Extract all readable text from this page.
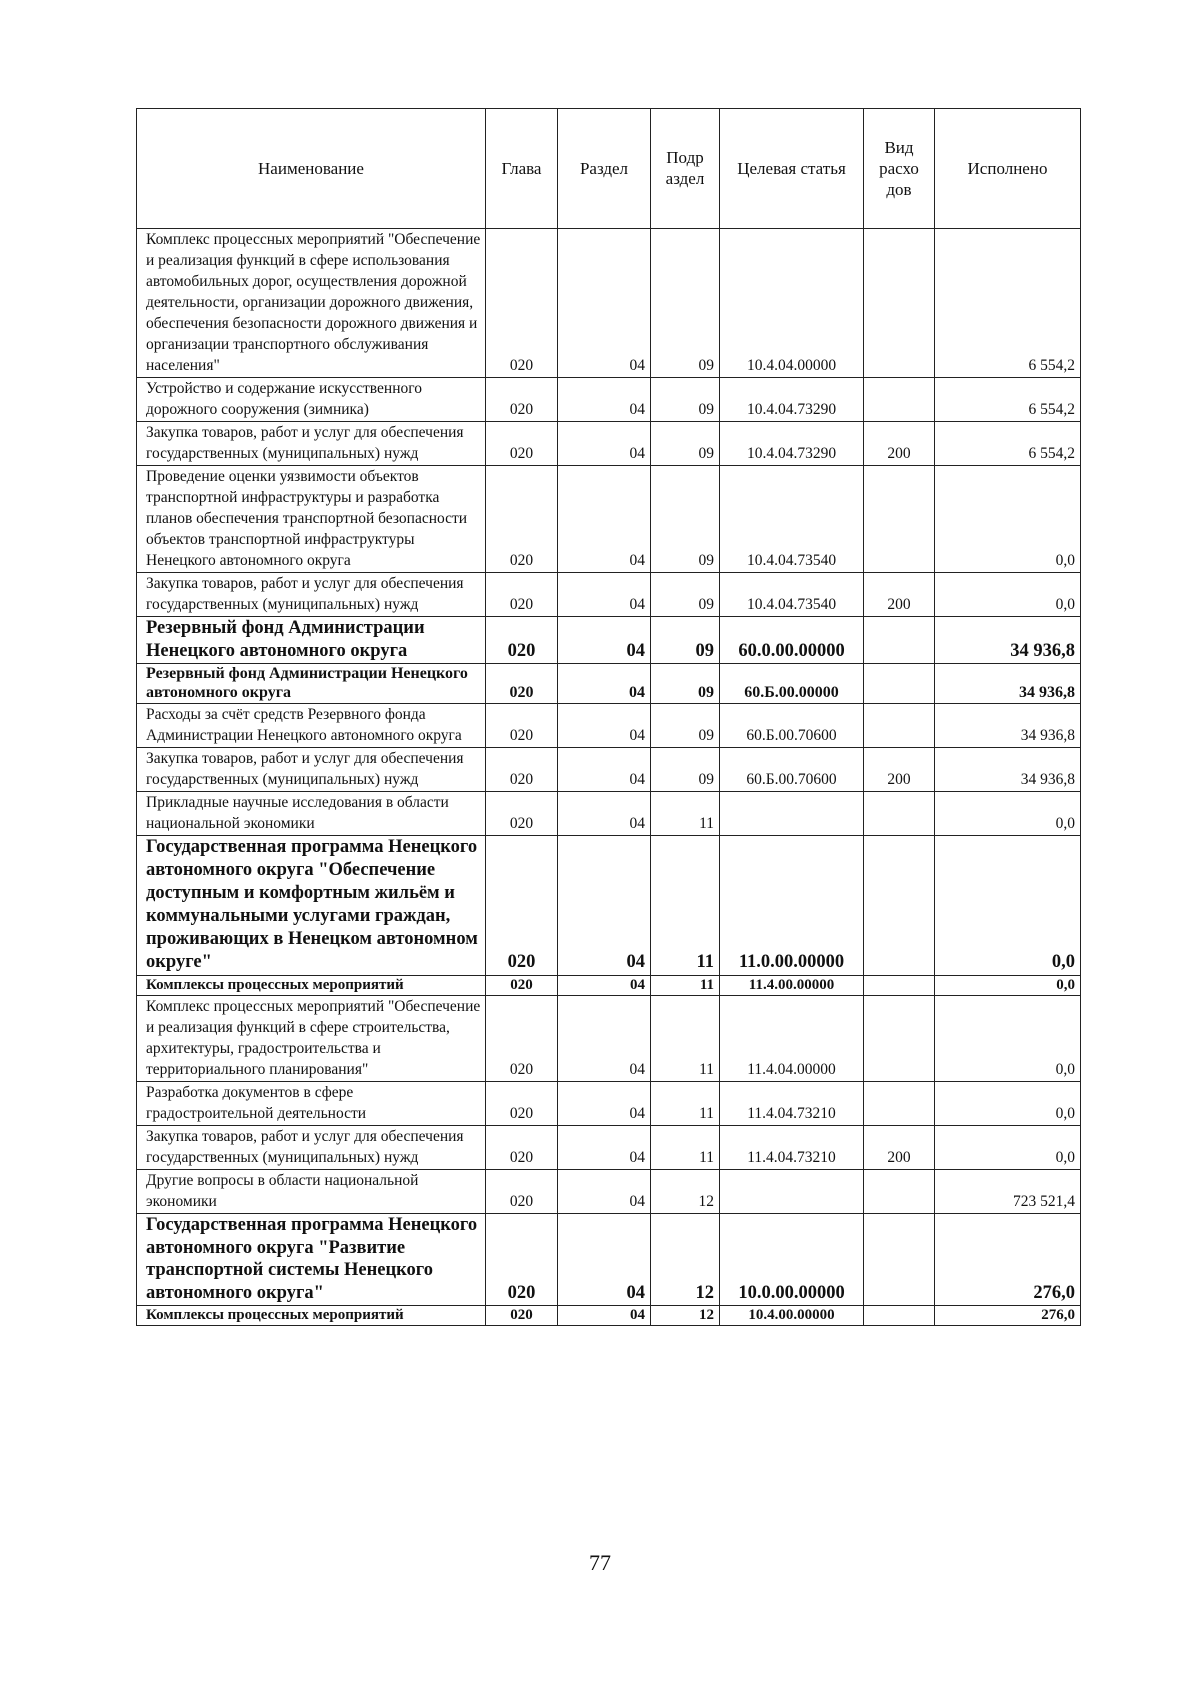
Наименование	Глава	Раздел	Подр аздел	Целевая статья	Вид расхо дов	Исполнено
Комплекс процессных мероприятий "Обеспечение и реализация функций в сфере использования автомобильных дорог, осуществления дорожной деятельности, организации дорожного движения, обеспечения безопасности дорожного движения и организации транспортного обслуживания населения"	020	04	09	10.4.04.00000		6 554,2
Устройство и содержание искусственного дорожного сооружения (зимника)	020	04	09	10.4.04.73290		6 554,2
Закупка товаров, работ и услуг для обеспечения государственных (муниципальных) нужд	020	04	09	10.4.04.73290	200	6 554,2
Проведение оценки уязвимости объектов транспортной инфраструктуры и разработка планов обеспечения транспортной безопасности объектов транспортной инфраструктуры Ненецкого автономного округа	020	04	09	10.4.04.73540		0,0
Закупка товаров, работ и услуг для обеспечения государственных (муниципальных) нужд	020	04	09	10.4.04.73540	200	0,0
Резервный фонд Администрации Ненецкого автономного округа	020	04	09	60.0.00.00000		34 936,8
Резервный фонд Администрации Ненецкого автономного округа	020	04	09	60.Б.00.00000		34 936,8
Расходы за счёт средств Резервного фонда Администрации Ненецкого автономного округа	020	04	09	60.Б.00.70600		34 936,8
Закупка товаров, работ и услуг для обеспечения государственных (муниципальных) нужд	020	04	09	60.Б.00.70600	200	34 936,8
Прикладные научные исследования в области национальной экономики	020	04	11			0,0
Государственная программа Ненецкого автономного округа "Обеспечение доступным и комфортным жильём и коммунальными услугами граждан, проживающих в Ненецком автономном округе"	020	04	11	11.0.00.00000		0,0
Комплексы процессных мероприятий	020	04	11	11.4.00.00000		0,0
Комплекс процессных мероприятий "Обеспечение и реализация функций в сфере строительства, архитектуры, градостроительства и территориального планирования"	020	04	11	11.4.04.00000		0,0
Разработка документов в сфере градостроительной деятельности	020	04	11	11.4.04.73210		0,0
Закупка товаров, работ и услуг для обеспечения государственных (муниципальных) нужд	020	04	11	11.4.04.73210	200	0,0
Другие вопросы в области национальной экономики	020	04	12			723 521,4
Государственная программа Ненецкого автономного округа "Развитие транспортной системы Ненецкого автономного округа"	020	04	12	10.0.00.00000		276,0
Комплексы процессных мероприятий	020	04	12	10.4.00.00000		276,0
77
